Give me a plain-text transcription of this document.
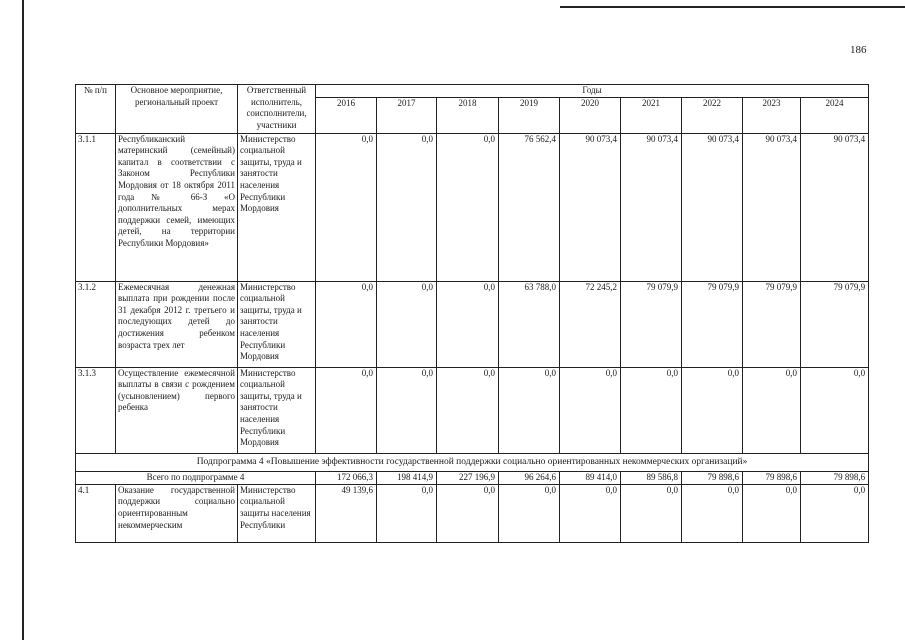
186
№ п/п	Основное мероприятие, региональный проект	Ответственный исполнитель, соисполнители, участники	Годы								
			2016	2017	2018	2019	2020	2021	2022	2023	2024
3.1.1	Республиканский материнский (семейный) капитал в соответствии с Законом Республики Мордовия от 18 октября 2011 года № 66-З «О дополнительных мерах поддержки семей, имеющих детей, на территории Республики Мордовия»	Министерство социальной защиты, труда и занятости населения Республики Мордовия	0,0	0,0	0,0	76 562,4	90 073,4	90 073,4	90 073,4	90 073,4	90 073,4
3.1.2	Ежемесячная денежная выплата при рождении после 31 декабря 2012 г. третьего и последующих детей до достижения ребенком возраста трех лет	Министерство социальной защиты, труда и занятости населения Республики Мордовия	0,0	0,0	0,0	63 788,0	72 245,2	79 079,9	79 079,9	79 079,9	79 079,9
3.1.3	Осуществление ежемесячной выплаты в связи с рождением (усыновлением) первого ребенка	Министерство социальной защиты, труда и занятости населения Республики Мордовия	0,0	0,0	0,0	0,0	0,0	0,0	0,0	0,0	0,0
Подпрограмма 4 «Повышение эффективности государственной поддержки социально ориентированных некоммерческих организаций»											
Всего по подпрограмме 4			172 066,3	198 414,9	227 196,9	96 264,6	89 414,0	89 586,8	79 898,6	79 898,6	79 898,6
4.1	Оказание государственной поддержки социально ориентированным некоммерческим	Министерство социальной защиты населения Республики	49 139,6	0,0	0,0	0,0	0,0	0,0	0,0	0,0	0,0
